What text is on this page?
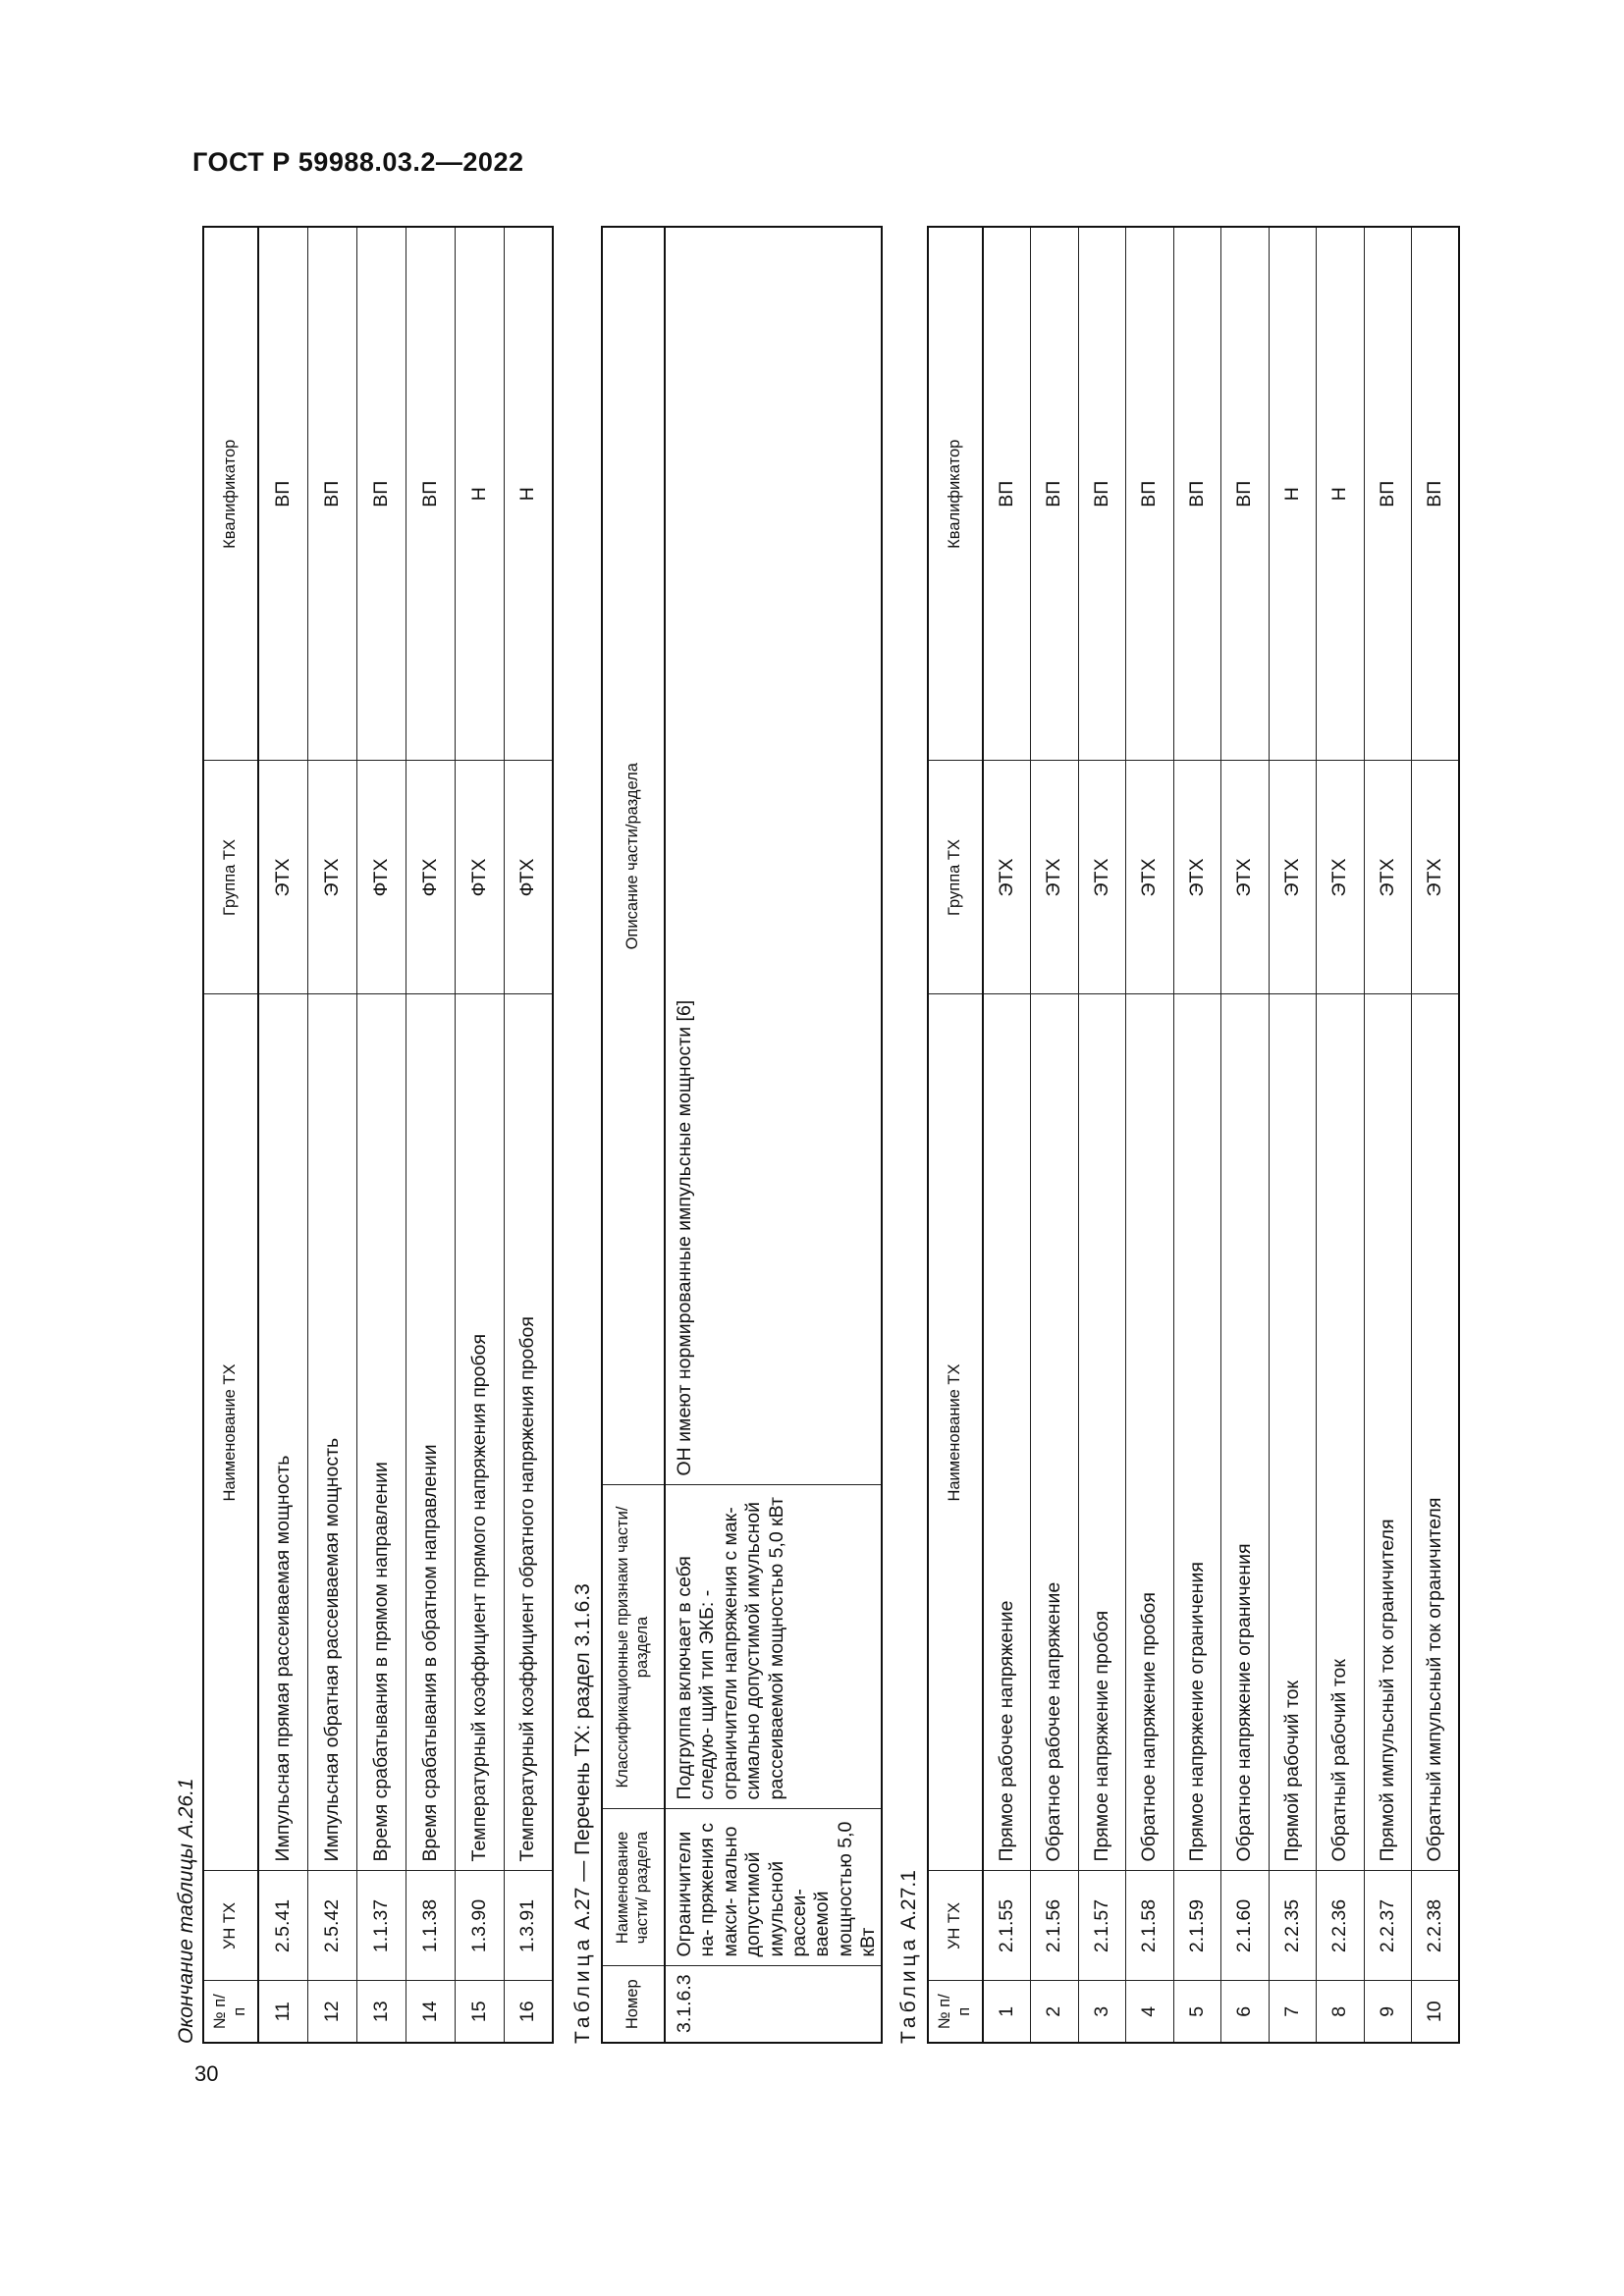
ГОСТ Р 59988.03.2—2022
30
Окончание таблицы А.26.1 № п/п	УН ТХ	Наименование ТХ	Группа ТХ	Квалификатор
11	2.5.41	Импульсная прямая рассеиваемая мощность	ЭТХ	ВП
12	2.5.42	Импульсная обратная рассеиваемая мощность	ЭТХ	ВП
13	1.1.37	Время срабатывания в прямом направлении	ФТХ	ВП
14	1.1.38	Время срабатывания в обратном направлении	ФТХ	ВП
15	1.3.90	Температурный коэффициент прямого напряжения пробоя	ФТХ	Н
16	1.3.91	Температурный коэффициент обратного напряжения пробоя	ФТХ	Н
Таблица А.27 — Перечень ТХ: раздел 3.1.6.3
Номер	Наименование части/ раздела	Классификационные признаки части/ раздела	Описание части/раздела
3.1.6.3	Ограничители на- пряжения с макси- мально допустимой имульсной рассеи- ваемой мощностью 5,0 кВт	Подгруппа включает в себя следую- щий тип ЭКБ: - ограничители напряжения с мак- симально допустимой имульсной рассеиваемой мощностью 5,0 кВт	ОН имеют нормированные импульсные мощности [6]
Таблица А.27.1
№ п/п	УН ТХ	Наименование ТХ	Группа ТХ	Квалификатор
1	2.1.55	Прямое рабочее напряжение	ЭТХ	ВП
2	2.1.56	Обратное рабочее напряжение	ЭТХ	ВП
3	2.1.57	Прямое напряжение пробоя	ЭТХ	ВП
4	2.1.58	Обратное напряжение пробоя	ЭТХ	ВП
5	2.1.59	Прямое напряжение ограничения	ЭТХ	ВП
6	2.1.60	Обратное напряжение ограничения	ЭТХ	ВП
7	2.2.35	Прямой рабочий ток	ЭТХ	Н
8	2.2.36	Обратный рабочий ток	ЭТХ	Н
9	2.2.37	Прямой импульсный ток ограничителя	ЭТХ	ВП
10	2.2.38	Обратный импульсный ток ограничителя	ЭТХ	ВП
